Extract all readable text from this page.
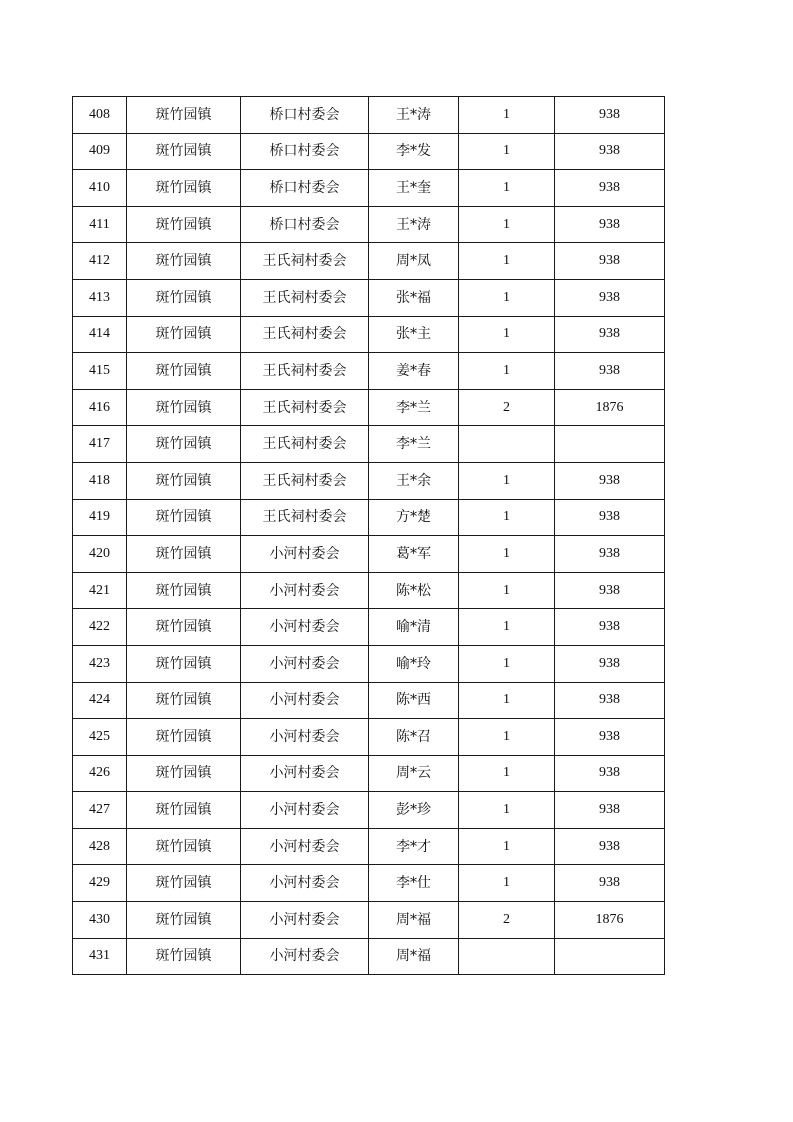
408	斑竹园镇	桥口村委会	王*涛	1	938
409	斑竹园镇	桥口村委会	李*发	1	938
410	斑竹园镇	桥口村委会	王*奎	1	938
411	斑竹园镇	桥口村委会	王*涛	1	938
412	斑竹园镇	王氏祠村委会	周*凤	1	938
413	斑竹园镇	王氏祠村委会	张*福	1	938
414	斑竹园镇	王氏祠村委会	张*主	1	938
415	斑竹园镇	王氏祠村委会	姜*春	1	938
416	斑竹园镇	王氏祠村委会	李*兰	2	1876
417	斑竹园镇	王氏祠村委会	李*兰		
418	斑竹园镇	王氏祠村委会	王*余	1	938
419	斑竹园镇	王氏祠村委会	方*楚	1	938
420	斑竹园镇	小河村委会	葛*军	1	938
421	斑竹园镇	小河村委会	陈*松	1	938
422	斑竹园镇	小河村委会	喻*清	1	938
423	斑竹园镇	小河村委会	喻*玲	1	938
424	斑竹园镇	小河村委会	陈*西	1	938
425	斑竹园镇	小河村委会	陈*召	1	938
426	斑竹园镇	小河村委会	周*云	1	938
427	斑竹园镇	小河村委会	彭*珍	1	938
428	斑竹园镇	小河村委会	李*才	1	938
429	斑竹园镇	小河村委会	李*仕	1	938
430	斑竹园镇	小河村委会	周*福	2	1876
431	斑竹园镇	小河村委会	周*福		
